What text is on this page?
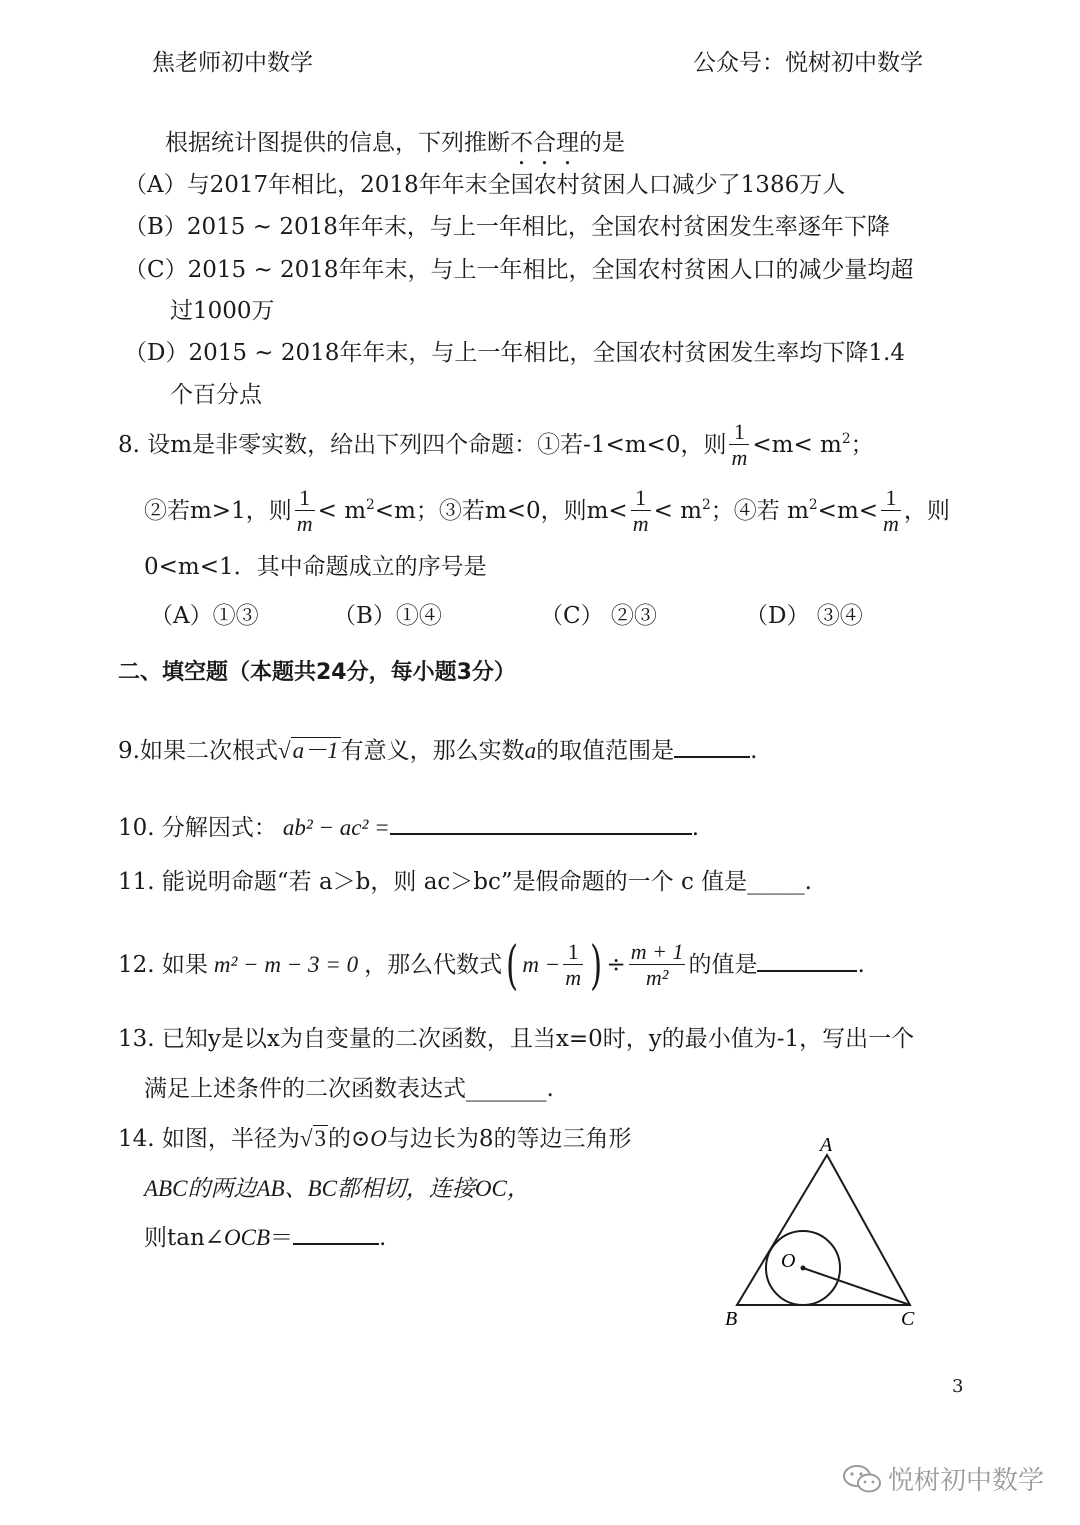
焦老师初中数学	公众号：悦树初中数学
根据统计图提供的信息，下列推断不合理的是
（A）与2017年相比，2018年年末全国农村贫困人口减少了1386万人
（B）2015 ~ 2018年年末，与上一年相比，全国农村贫困发生率逐年下降
（C）2015 ~ 2018年年末，与上一年相比，全国农村贫困人口的减少量均超
过1000万
（D）2015 ~ 2018年年末，与上一年相比，全国农村贫困发生率均下降1.4
个百分点
8. 设m是非零实数，给出下列四个命题：①若-1<m<0，则 $\frac{1}{m} <m< m^2$；
②若m>1，则 $\frac{1}{m} < m^2<m$；③若m<0，则$m< \frac{1}{m} < m^2$；④若 $m^2<m< \frac{1}{m}$ ，则
0<m<1．其中命题成立的序号是
（A）①③	（B）①④	（C） ②③	（D） ③④
二、填空题（本题共24分，每小题3分）
9.如果二次根式√a－1有意义，那么实数a的取值范围是	.
10. 分解因式： ab² − ac² =	.
11. 能说明命题“若 a＞b，则 ac＞bc”是假命题的一个 c 值是_____.
12. 如果 m² − m − 3 = 0 ，那么代数式( $m - \frac{1}{m}$ ) ÷ $\frac{m + 1}{\text{m²}}$ 的值是	.
13. 已知y是以x为自变量的二次函数，且当x=0时，y的最小值为-1，写出一个
满足上述条件的二次函数表达式_______.
14. 如图，半径为√3的⊙O与边长为8的等边三角形
ABC的两边AB、BC都相切，连接OC，
则tan∠OCB＝	.
A
B	C
O
3
悦树初中数学
